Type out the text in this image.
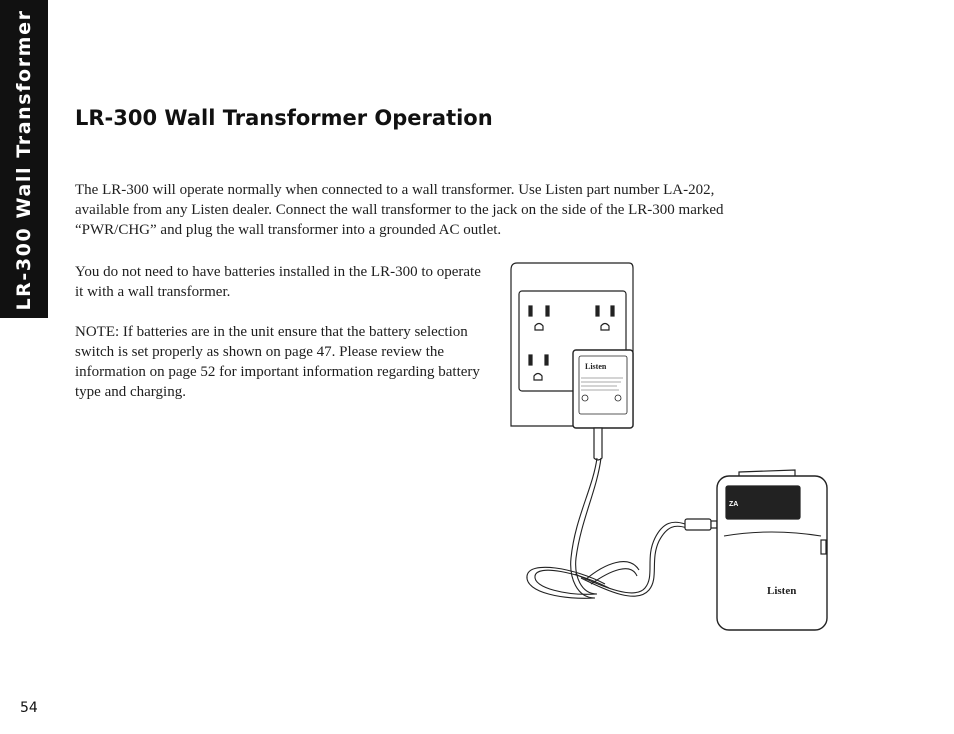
LR-300 Wall Transformer LR-300 Wall Transformer Operation

The LR-300 will operate normally when connected to a wall transformer. Use Listen part number LA-202, available from any Listen dealer. Connect the wall transformer to the jack on the side of the LR-300 marked “PWR/CHG” and plug the wall transformer into a grounded AC outlet.

You do not need to have batteries installed in the LR-300 to operate it with a wall transformer.

NOTE: If batteries are in the unit ensure that the battery selection switch is set properly as shown on page 47. Please review the information on page 52 for important information regarding battery type and charging.

Listen
ZA
Listen
54
